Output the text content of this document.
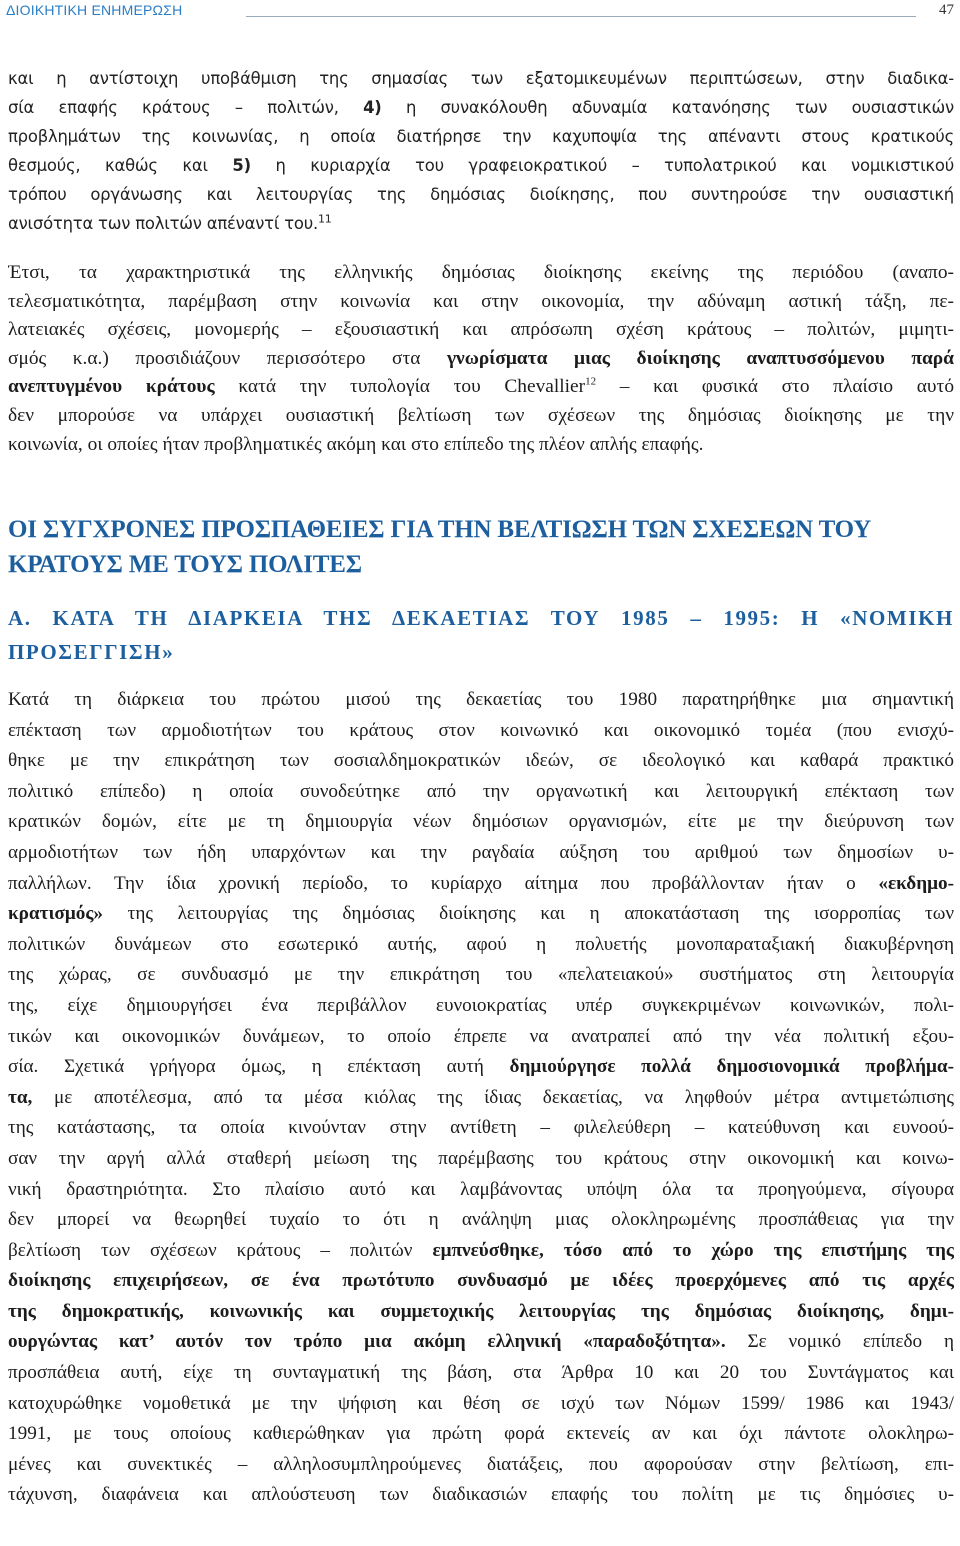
ΔΙΟΙΚΗΤΙΚΗ ΕΝΗΜΕΡΩΣΗ	47
και η αντίστοιχη υποβάθμιση της σημασίας των εξατομικευμένων περιπτώσεων, στην διαδικα-
σία επαφής κράτους – πολιτών, 4) η συνακόλουθη αδυναμία κατανόησης των ουσιαστικών
προβλημάτων της κοινωνίας, η οποία διατήρησε την καχυποψία της απέναντι στους κρατικούς
θεσμούς, καθώς και 5) η κυριαρχία του γραφειοκρατικού – τυπολατρικού και νομικιστικού
τρόπου οργάνωσης και λειτουργίας της δημόσιας διοίκησης, που συντηρούσε την ουσιαστική
ανισότητα των πολιτών απέναντί του.$^{11}$
Έτσι, τα χαρακτηριστικά της ελληνικής δημόσιας διοίκησης εκείνης της περιόδου (αναπο-
τελεσματικότητα, παρέμβαση στην κοινωνία και στην οικονομία, την αδύναμη αστική τάξη, πε-
λατειακές σχέσεις, μονομερής – εξουσιαστική και απρόσωπη σχέση κράτους – πολιτών, μιμητι-
σμός κ.α.) προσιδιάζουν περισσότερο στα γνωρίσματα μιας διοίκησης αναπτυσσόμενου παρά
ανεπτυγμένου κράτους κατά την τυπολογία του Chevallier$^{12}$ – και φυσικά στο πλαίσιο αυτό
δεν μπορούσε να υπάρχει ουσιαστική βελτίωση των σχέσεων της δημόσιας διοίκησης με την
κοινωνία, οι οποίες ήταν προβληματικές ακόμη και στο επίπεδο της πλέον απλής επαφής.
ΟΙ ΣΥΓΧΡΟΝΕΣ ΠΡΟΣΠΑΘΕΙΕΣ ΓΙΑ ΤΗΝ ΒΕΛΤΙΩΣΗ ΤΩΝ ΣΧΕΣΕΩΝ ΤΟΥ
ΚΡΑΤΟΥΣ ΜΕ ΤΟΥΣ ΠΟΛΙΤΕΣ
Α. ΚΑΤΑ ΤΗ ΔΙΑΡΚΕΙΑ ΤΗΣ ΔΕΚΑΕΤΙΑΣ ΤΟΥ 1985 – 1995: Η «ΝΟΜΙΚΗ
ΠΡΟΣΕΓΓΙΣΗ»
Κατά τη διάρκεια του πρώτου μισού της δεκαετίας του 1980 παρατηρήθηκε μια σημαντική
επέκταση των αρμοδιοτήτων του κράτους στον κοινωνικό και οικονομικό τομέα (που ενισχύ-
θηκε με την επικράτηση των σοσιαλδημοκρατικών ιδεών, σε ιδεολογικό και καθαρά πρακτικό
πολιτικό επίπεδο) η οποία συνοδεύτηκε από την οργανωτική και λειτουργική επέκταση των
κρατικών δομών, είτε με τη δημιουργία νέων δημόσιων οργανισμών, είτε με την διεύρυνση των
αρμοδιοτήτων των ήδη υπαρχόντων και την ραγδαία αύξηση του αριθμού των δημοσίων υ-
παλλήλων. Την ίδια χρονική περίοδο, το κυρίαρχο αίτημα που προβάλλονταν ήταν ο «εκδημο-
κρατισμός» της λειτουργίας της δημόσιας διοίκησης και η αποκατάσταση της ισορροπίας των
πολιτικών δυνάμεων στο εσωτερικό αυτής, αφού η πολυετής μονοπαραταξιακή διακυβέρνηση
της χώρας, σε συνδυασμό με την επικράτηση του «πελατειακού» συστήματος στη λειτουργία
της, είχε δημιουργήσει ένα περιβάλλον ευνοιοκρατίας υπέρ συγκεκριμένων κοινωνικών, πολι-
τικών και οικονομικών δυνάμεων, το οποίο έπρεπε να ανατραπεί από την νέα πολιτική εξου-
σία. Σχετικά γρήγορα όμως, η επέκταση αυτή δημιούργησε πολλά δημοσιονομικά προβλήμα-
τα, με αποτέλεσμα, από τα μέσα κιόλας της ίδιας δεκαετίας, να ληφθούν μέτρα αντιμετώπισης
της κατάστασης, τα οποία κινούνταν στην αντίθετη – φιλελεύθερη – κατεύθυνση και ευνοού-
σαν την αργή αλλά σταθερή μείωση της παρέμβασης του κράτους στην οικονομική και κοινω-
νική δραστηριότητα. Στο πλαίσιο αυτό και λαμβάνοντας υπόψη όλα τα προηγούμενα, σίγουρα
δεν μπορεί να θεωρηθεί τυχαίο το ότι η ανάληψη μιας ολοκληρωμένης προσπάθειας για την
βελτίωση των σχέσεων κράτους – πολιτών εμπνεύσθηκε, τόσο από το χώρο της επιστήμης της
διοίκησης επιχειρήσεων, σε ένα πρωτότυπο συνδυασμό με ιδέες προερχόμενες από τις αρχές
της δημοκρατικής, κοινωνικής και συμμετοχικής λειτουργίας της δημόσιας διοίκησης, δημι-
ουργώντας κατ’ αυτόν τον τρόπο μια ακόμη ελληνική «παραδοξότητα». Σε νομικό επίπεδο η
προσπάθεια αυτή, είχε τη συνταγματική της βάση, στα Άρθρα 10 και 20 του Συντάγματος και
κατοχυρώθηκε νομοθετικά με την ψήφιση και θέση σε ισχύ των Νόμων 1599/ 1986 και 1943/
1991, με τους οποίους καθιερώθηκαν για πρώτη φορά εκτενείς αν και όχι πάντοτε ολοκληρω-
μένες και συνεκτικές – αλληλοσυμπληρούμενες διατάξεις, που αφορούσαν στην βελτίωση, επι-
τάχυνση, διαφάνεια και απλούστευση των διαδικασιών επαφής του πολίτη με τις δημόσιες υ-
